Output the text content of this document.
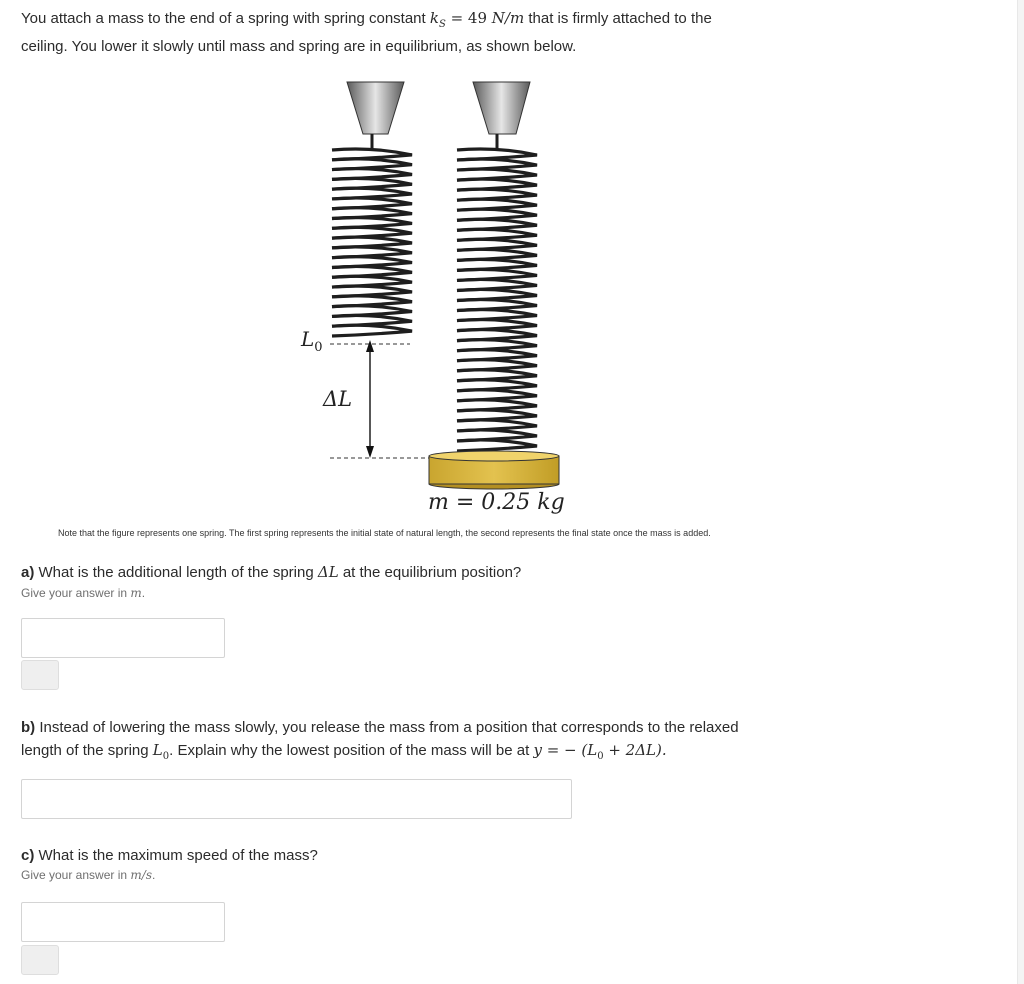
You attach a mass to the end of a spring with spring constant $k_S = 49$ N/m that is firmly attached to the
ceiling. You lower it slowly until mass and spring are in equilibrium, as shown below.
$L_0$
ΔL
m = 0.25 kg
Note that the figure represents one spring. The first spring represents the initial state of natural length, the second represents the final state once the mass is added.
a) What is the additional length of the spring ΔL at the equilibrium position?
Give your answer in m.
b) Instead of lowering the mass slowly, you release the mass from a position that corresponds to the relaxed
length of the spring $L_0$. Explain why the lowest position of the mass will be at y = − $(L_0 + 2\Delta L)$.
c) What is the maximum speed of the mass?
Give your answer in m/s.
